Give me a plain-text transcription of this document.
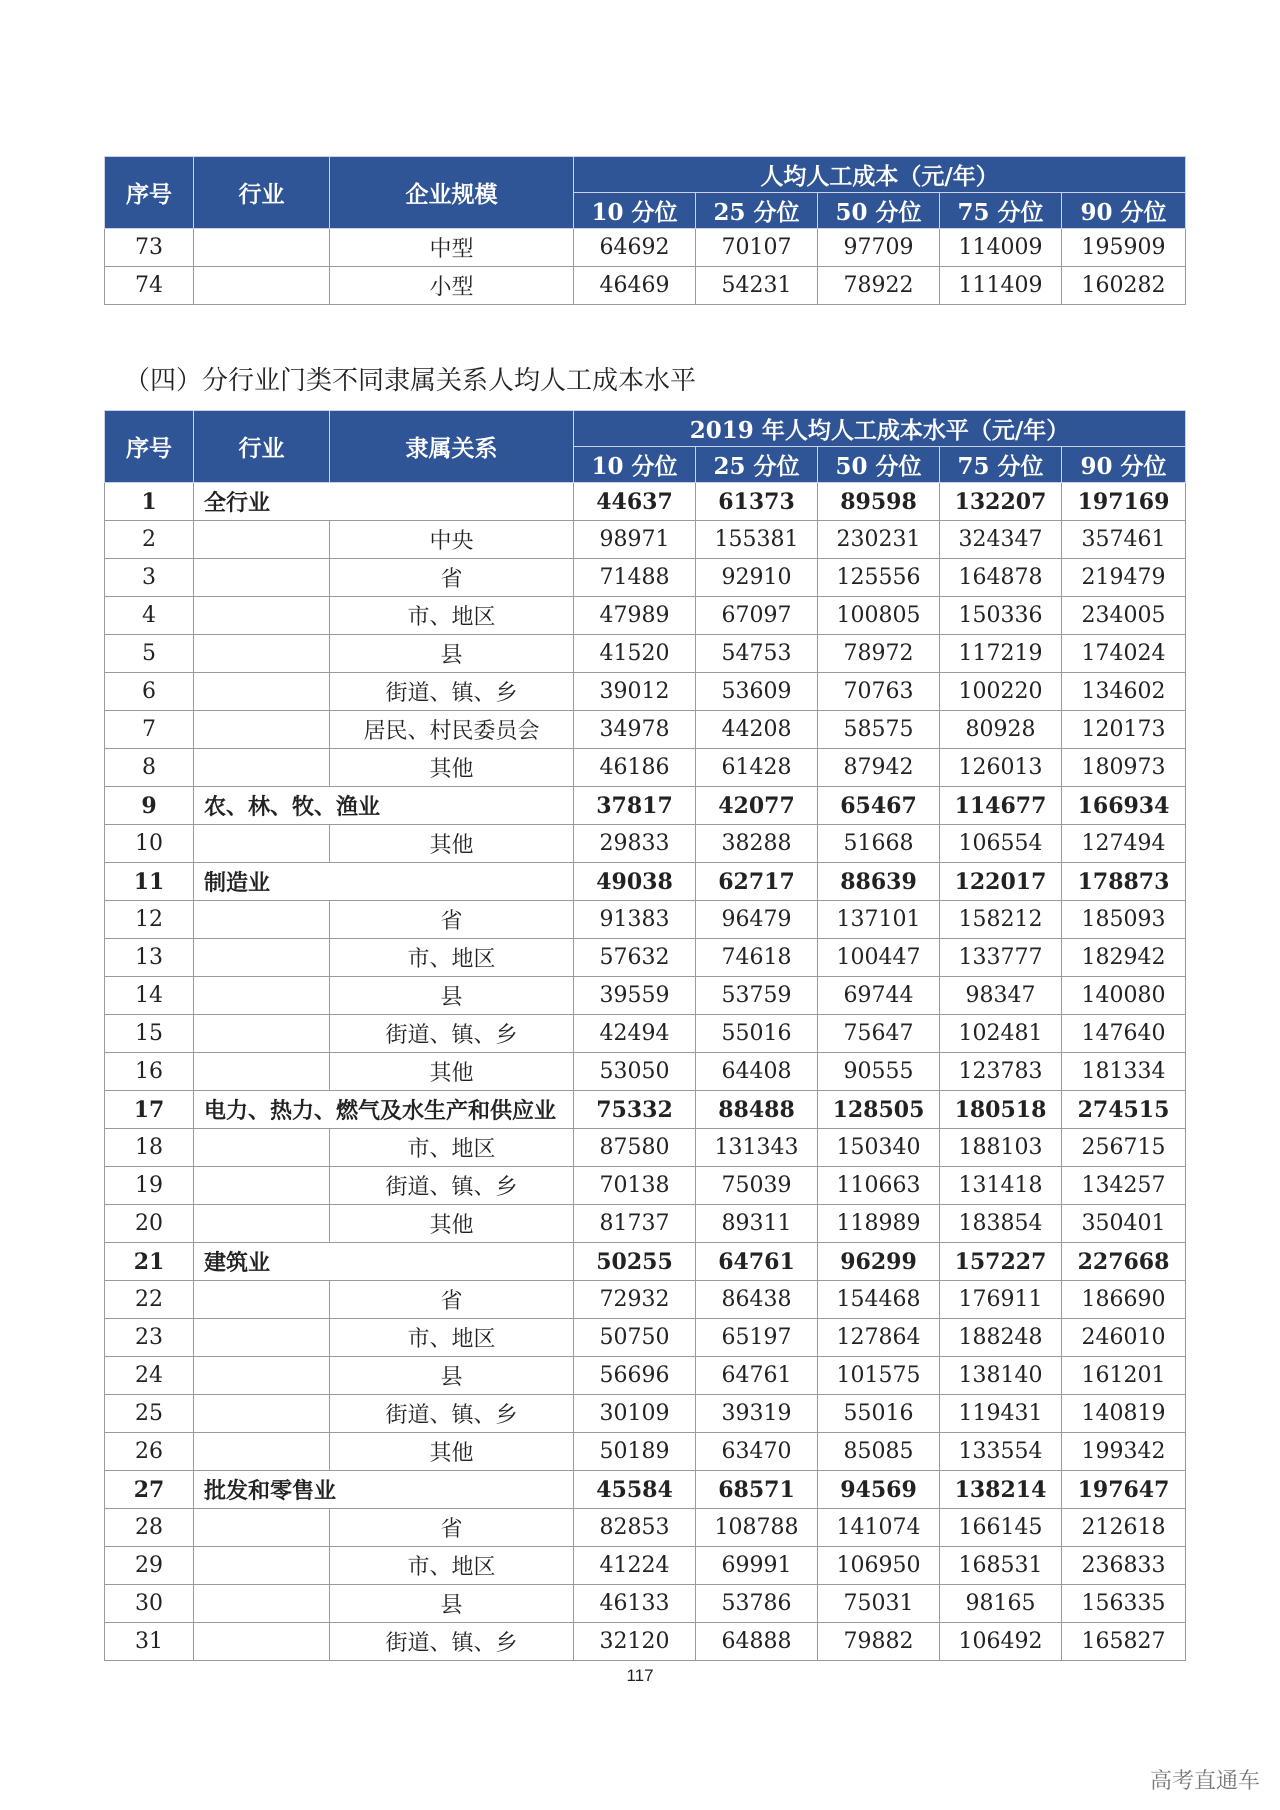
序号	行业	企业规模	人均人工成本（元/年）				
			10 分位	25 分位	50 分位	75 分位	90 分位
73		中型	64692	70107	97709	114009	195909
74		小型	46469	54231	78922	111409	160282
（四）分行业门类不同隶属关系人均人工成本水平
序号	行业	隶属关系	2019 年人均人工成本水平（元/年）				
			10 分位	25 分位	50 分位	75 分位	90 分位
1	全行业		44637	61373	89598	132207	197169
2		中央	98971	155381	230231	324347	357461
3		省	71488	92910	125556	164878	219479
4		市、地区	47989	67097	100805	150336	234005
5		县	41520	54753	78972	117219	174024
6		街道、镇、乡	39012	53609	70763	100220	134602
7		居民、村民委员会	34978	44208	58575	80928	120173
8		其他	46186	61428	87942	126013	180973
9	农、林、牧、渔业		37817	42077	65467	114677	166934
10		其他	29833	38288	51668	106554	127494
11	制造业		49038	62717	88639	122017	178873
12		省	91383	96479	137101	158212	185093
13		市、地区	57632	74618	100447	133777	182942
14		县	39559	53759	69744	98347	140080
15		街道、镇、乡	42494	55016	75647	102481	147640
16		其他	53050	64408	90555	123783	181334
17	电力、热力、燃气及水生产和供应业		75332	88488	128505	180518	274515
18		市、地区	87580	131343	150340	188103	256715
19		街道、镇、乡	70138	75039	110663	131418	134257
20		其他	81737	89311	118989	183854	350401
21	建筑业		50255	64761	96299	157227	227668
22		省	72932	86438	154468	176911	186690
23		市、地区	50750	65197	127864	188248	246010
24		县	56696	64761	101575	138140	161201
25		街道、镇、乡	30109	39319	55016	119431	140819
26		其他	50189	63470	85085	133554	199342
27	批发和零售业		45584	68571	94569	138214	197647
28		省	82853	108788	141074	166145	212618
29		市、地区	41224	69991	106950	168531	236833
30		县	46133	53786	75031	98165	156335
31		街道、镇、乡	32120	64888	79882	106492	165827
117
高考直通车
